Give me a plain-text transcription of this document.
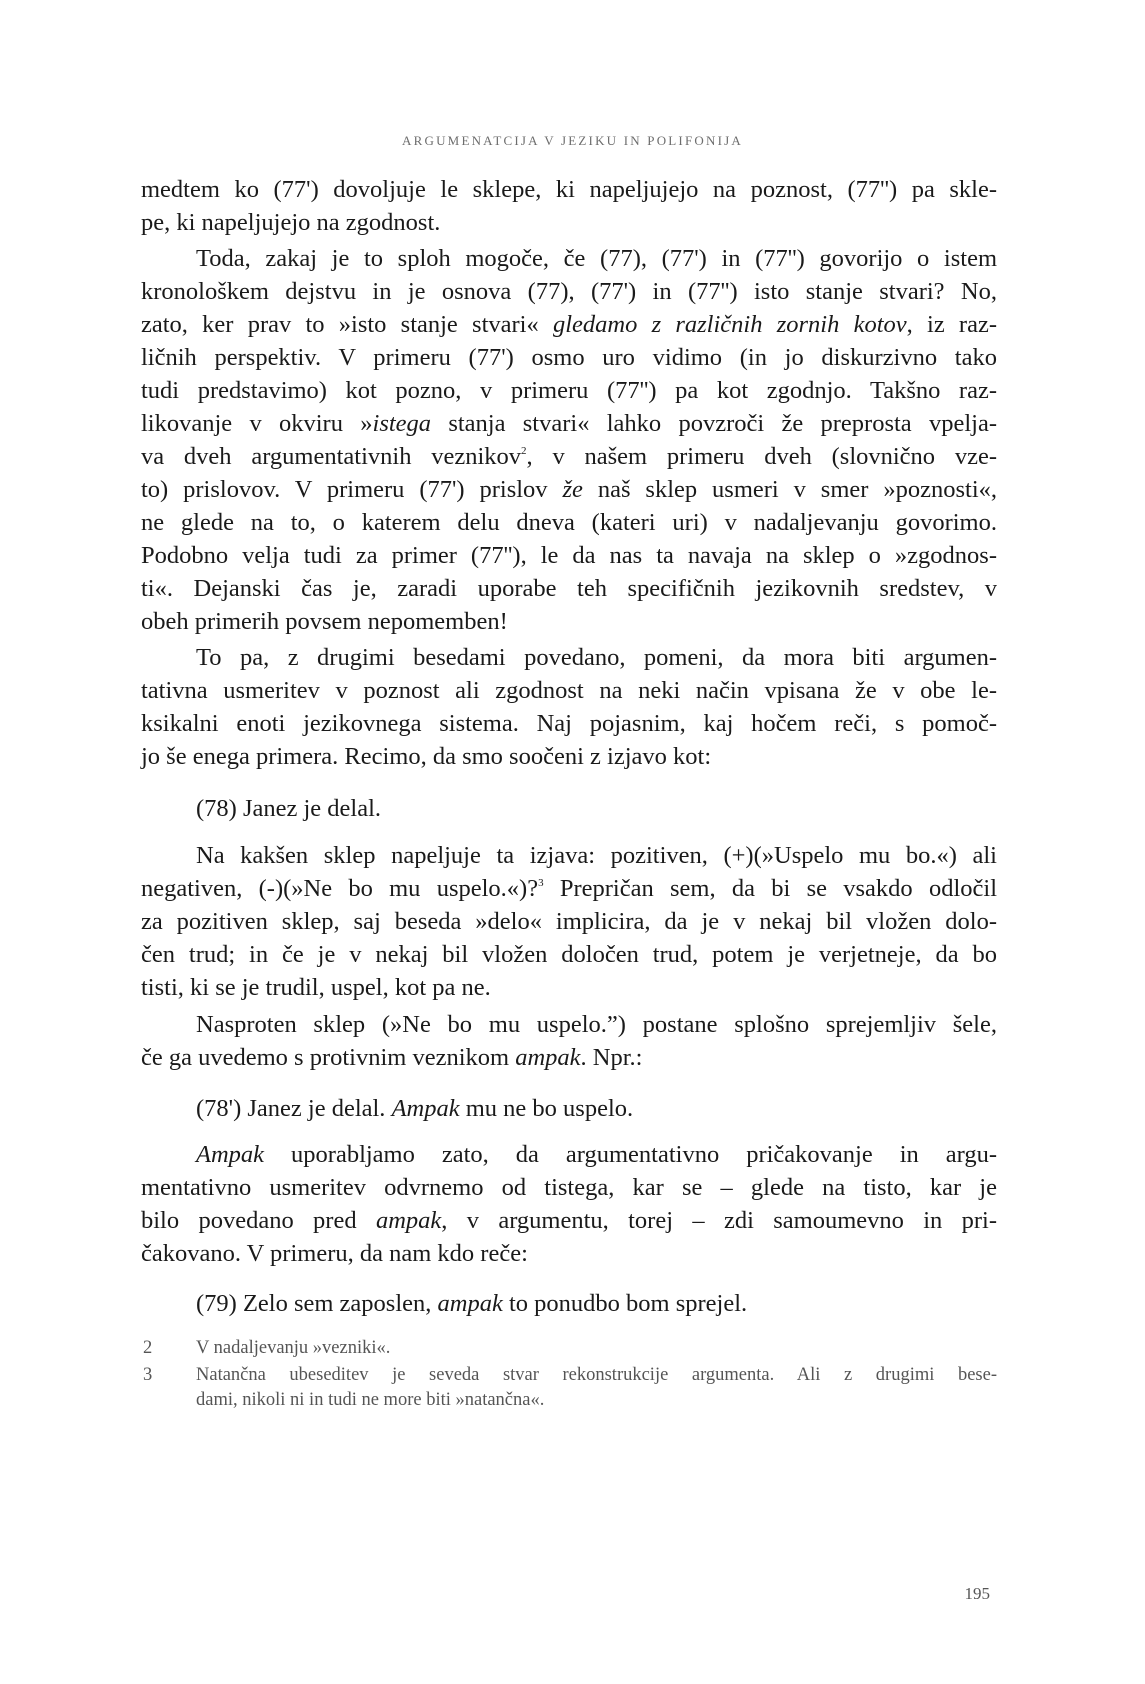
ARGUMENATCIJA V JEZIKU IN POLIFONIJA
medtem ko (77') dovoljuje le sklepe, ki napeljujejo na poznost, (77'') pa skle-
pe, ki napeljujejo na zgodnost.
Toda, zakaj je to sploh mogoče, če (77), (77') in (77'') govorijo o istem
kronološkem dejstvu in je osnova (77), (77') in (77'') isto stanje stvari? No,
zato, ker prav to »isto stanje stvari« gledamo z različnih zornih kotov, iz raz-
ličnih perspektiv. V primeru (77') osmo uro vidimo (in jo diskurzivno tako
tudi predstavimo) kot pozno, v primeru (77'') pa kot zgodnjo. Takšno raz-
likovanje v okviru »istega stanja stvari« lahko povzroči že preprosta vpelja-
va dveh argumentativnih veznikov$^2$, v našem primeru dveh (slovnično vze-
to) prislovov. V primeru (77') prislov že naš sklep usmeri v smer »poznosti«,
ne glede na to, o katerem delu dneva (kateri uri) v nadaljevanju govorimo.
Podobno velja tudi za primer (77''), le da nas ta navaja na sklep o »zgodnos-
ti«. Dejanski čas je, zaradi uporabe teh specifičnih jezikovnih sredstev, v
obeh primerih povsem nepomemben!
To pa, z drugimi besedami povedano, pomeni, da mora biti argumen-
tativna usmeritev v poznost ali zgodnost na neki način vpisana že v obe le-
ksikalni enoti jezikovnega sistema. Naj pojasnim, kaj hočem reči, s pomoč-
jo še enega primera. Recimo, da smo soočeni z izjavo kot:
(78) Janez je delal.
Na kakšen sklep napeljuje ta izjava: pozitiven, (+)(»Uspelo mu bo.«) ali
negativen, (-)(»Ne bo mu uspelo.«)?$^3$ Prepričan sem, da bi se vsakdo odločil
za pozitiven sklep, saj beseda »delo« implicira, da je v nekaj bil vložen dolo-
čen trud; in če je v nekaj bil vložen določen trud, potem je verjetneje, da bo
tisti, ki se je trudil, uspel, kot pa ne.
Nasproten sklep (»Ne bo mu uspelo.”) postane splošno sprejemljiv šele,
če ga uvedemo s protivnim veznikom ampak. Npr.:
(78') Janez je delal. Ampak mu ne bo uspelo.
Ampak uporabljamo zato, da argumentativno pričakovanje in argu-
mentativno usmeritev odvrnemo od tistega, kar se – glede na tisto, kar je
bilo povedano pred ampak, v argumentu, torej – zdi samoumevno in pri-
čakovano. V primeru, da nam kdo reče:
(79) Zelo sem zaposlen, ampak to ponudbo bom sprejel.
2 V nadaljevanju »vezniki«.
3 Natančna ubeseditev je seveda stvar rekonstrukcije argumenta. Ali z drugimi bese-
dami, nikoli ni in tudi ne more biti »natančna«.
195
